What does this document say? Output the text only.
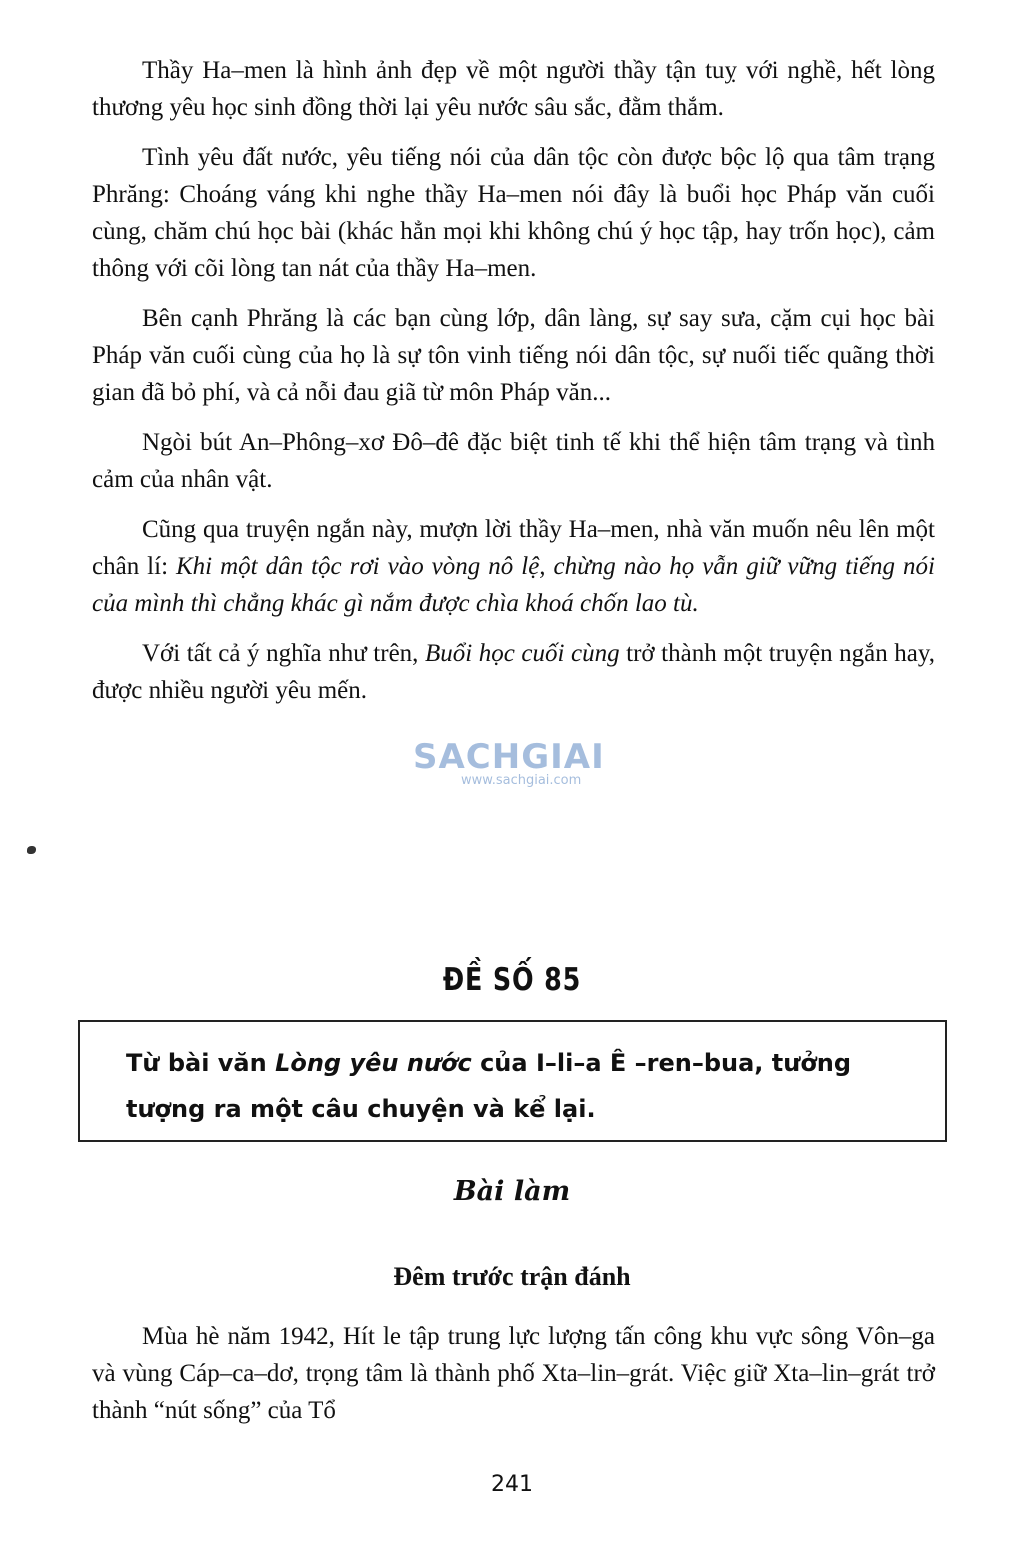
Thầy Ha–men là hình ảnh đẹp về một người thầy tận tuỵ với nghề, hết lòng thương yêu học sinh đồng thời lại yêu nước sâu sắc, đằm thắm.

Tình yêu đất nước, yêu tiếng nói của dân tộc còn được bộc lộ qua tâm trạng Phrăng: Choáng váng khi nghe thầy Ha–men nói đây là buổi học Pháp văn cuối cùng, chăm chú học bài (khác hẳn mọi khi không chú ý học tập, hay trốn học), cảm thông với cõi lòng tan nát của thầy Ha–men.

Bên cạnh Phrăng là các bạn cùng lớp, dân làng, sự say sưa, cặm cụi học bài Pháp văn cuối cùng của họ là sự tôn vinh tiếng nói dân tộc, sự nuối tiếc quãng thời gian đã bỏ phí, và cả nỗi đau giã từ môn Pháp văn...

Ngòi bút An–Phông–xơ Đô–đê đặc biệt tinh tế khi thể hiện tâm trạng và tình cảm của nhân vật.

Cũng qua truyện ngắn này, mượn lời thầy Ha–men, nhà văn muốn nêu lên một chân lí: Khi một dân tộc rơi vào vòng nô lệ, chừng nào họ vẫn giữ vững tiếng nói của mình thì chẳng khác gì nắm được chìa khoá chốn lao tù.

Với tất cả ý nghĩa như trên, Buổi học cuối cùng trở thành một truyện ngắn hay, được nhiều người yêu mến.

SACHGIAI
www.sachgiai.com
ĐỀ SỐ 85
Từ bài văn Lòng yêu nước của I–li–a Ê –ren–bua, tưởng tượng ra một câu chuyện và kể lại.
Bài làm
Đêm trước trận đánh

Mùa hè năm 1942, Hít le tập trung lực lượng tấn công khu vực sông Vôn–ga và vùng Cáp–ca–dơ, trọng tâm là thành phố Xta–lin–grát. Việc giữ Xta–lin–grát trở thành “nút sống” của Tổ

241
